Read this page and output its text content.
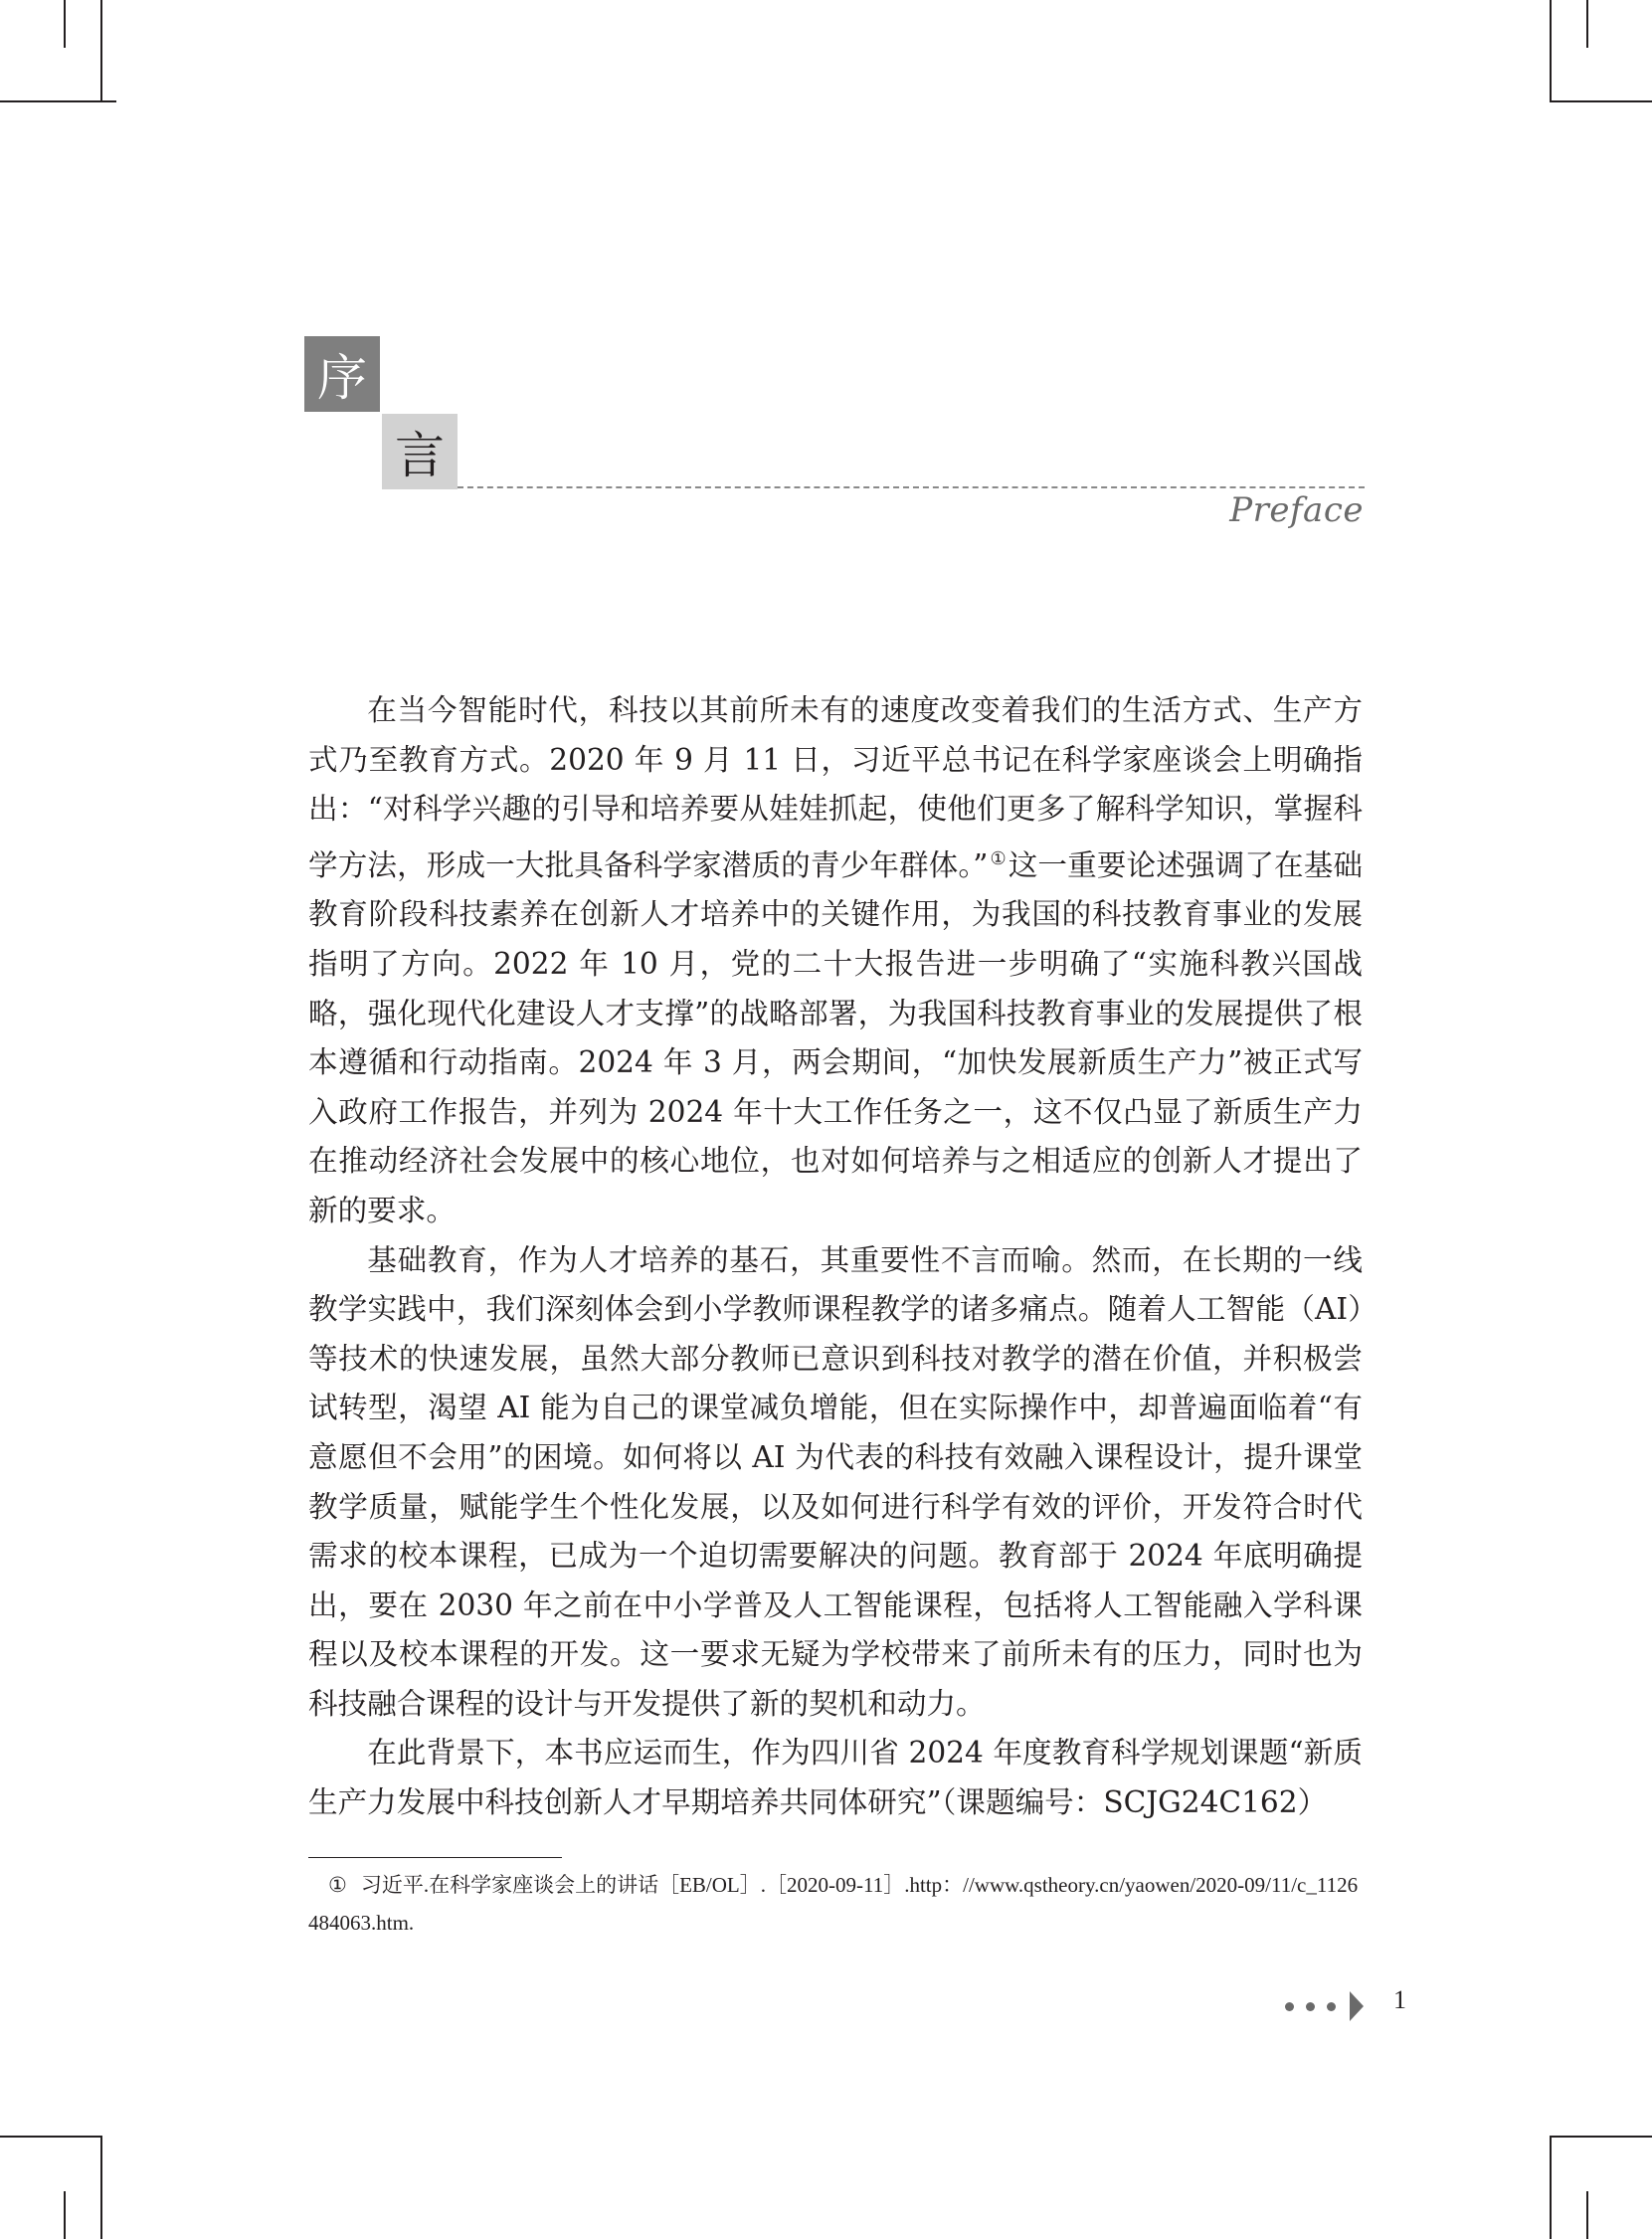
序
言
Preface

在当今智能时代，科技以其前所未有的速度改变着我们的生活方式、生产方式乃至教育方式。2020 年 9 月 11 日，习近平总书记在科学家座谈会上明确指出：“对科学兴趣的引导和培养要从娃娃抓起，使他们更多了解科学知识，掌握科学方法，形成一大批具备科学家潜质的青少年群体。” ①这一重要论述强调了在基础教育阶段科技素养在创新人才培养中的关键作用，为我国的科技教育事业的发展指明了方向。2022 年 10 月，党的二十大报告进一步明确了“实施科教兴国战略，强化现代化建设人才支撑”的战略部署，为我国科技教育事业的发展提供了根本遵循和行动指南。2024 年 3 月，两会期间，“加快发展新质生产力”被正式写入政府工作报告，并列为 2024 年十大工作任务之一，这不仅凸显了新质生产力在推动经济社会发展中的核心地位，也对如何培养与之相适应的创新人才提出了新的要求。

基础教育，作为人才培养的基石，其重要性不言而喻。然而，在长期的一线教学实践中，我们深刻体会到小学教师课程教学的诸多痛点。随着人工智能（AI）等技术的快速发展，虽然大部分教师已意识到科技对教学的潜在价值，并积极尝试转型，渴望 AI 能为自己的课堂减负增能，但在实际操作中，却普遍面临着“有意愿但不会用”的困境。如何将以 AI 为代表的科技有效融入课程设计，提升课堂教学质量，赋能学生个性化发展，以及如何进行科学有效的评价，开发符合时代需求的校本课程，已成为一个迫切需要解决的问题。教育部于 2024 年底明确提出，要在 2030 年之前在中小学普及人工智能课程，包括将人工智能融入学科课程以及校本课程的开发。这一要求无疑为学校带来了前所未有的压力，同时也为科技融合课程的设计与开发提供了新的契机和动力。

在此背景下，本书应运而生，作为四川省 2024 年度教育科学规划课题“新质生产力发展中科技创新人才早期培养共同体研究”（课题编号：SCJG24C162）

① 习近平.在科学家座谈会上的讲话［EB/OL］.［2020-09-11］.http：//www.qstheory.cn/yaowen/2020-09/11/c_1126484063.htm.

1
